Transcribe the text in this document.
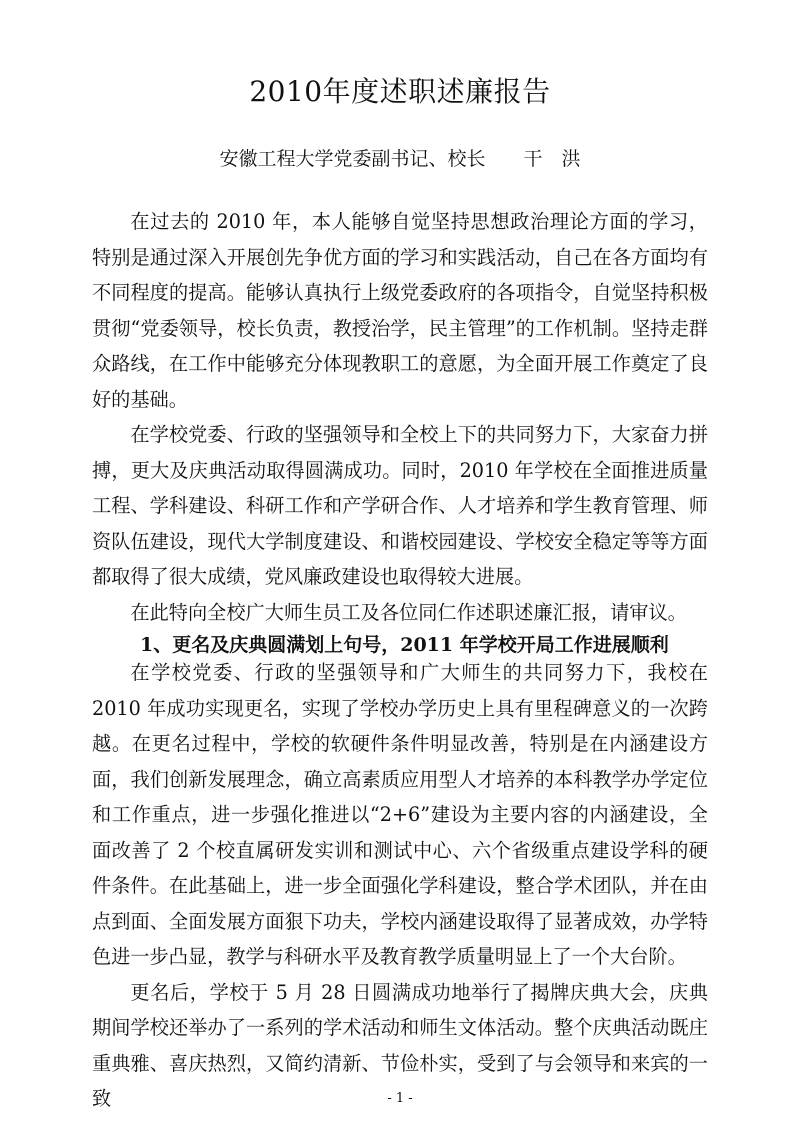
2010年度述职述廉报告
安徽工程大学党委副书记、校长　　干　洪

在过去的 2010 年，本人能够自觉坚持思想政治理论方面的学习，特别是通过深入开展创先争优方面的学习和实践活动，自己在各方面均有不同程度的提高。能够认真执行上级党委政府的各项指令，自觉坚持积极贯彻“党委领导，校长负责，教授治学，民主管理”的工作机制。坚持走群众路线，在工作中能够充分体现教职工的意愿，为全面开展工作奠定了良好的基础。

在学校党委、行政的坚强领导和全校上下的共同努力下，大家奋力拼搏，更大及庆典活动取得圆满成功。同时，2010 年学校在全面推进质量工程、学科建设、科研工作和产学研合作、人才培养和学生教育管理、师资队伍建设，现代大学制度建设、和谐校园建设、学校安全稳定等等方面都取得了很大成绩，党风廉政建设也取得较大进展。

在此特向全校广大师生员工及各位同仁作述职述廉汇报，请审议。

1、更名及庆典圆满划上句号，2011 年学校开局工作进展顺利

在学校党委、行政的坚强领导和广大师生的共同努力下，我校在 2010 年成功实现更名，实现了学校办学历史上具有里程碑意义的一次跨越。在更名过程中，学校的软硬件条件明显改善，特别是在内涵建设方面，我们创新发展理念，确立高素质应用型人才培养的本科教学办学定位和工作重点，进一步强化推进以“2+6”建设为主要内容的内涵建设，全面改善了 2 个校直属研发实训和测试中心、六个省级重点建设学科的硬件条件。在此基础上，进一步全面强化学科建设，整合学术团队，并在由点到面、全面发展方面狠下功夫，学校内涵建设取得了显著成效，办学特色进一步凸显，教学与科研水平及教育教学质量明显上了一个大台阶。

更名后，学校于 5 月 28 日圆满成功地举行了揭牌庆典大会，庆典期间学校还举办了一系列的学术活动和师生文体活动。整个庆典活动既庄重典雅、喜庆热烈，又简约清新、节俭朴实，受到了与会领导和来宾的一致	- 1 -
